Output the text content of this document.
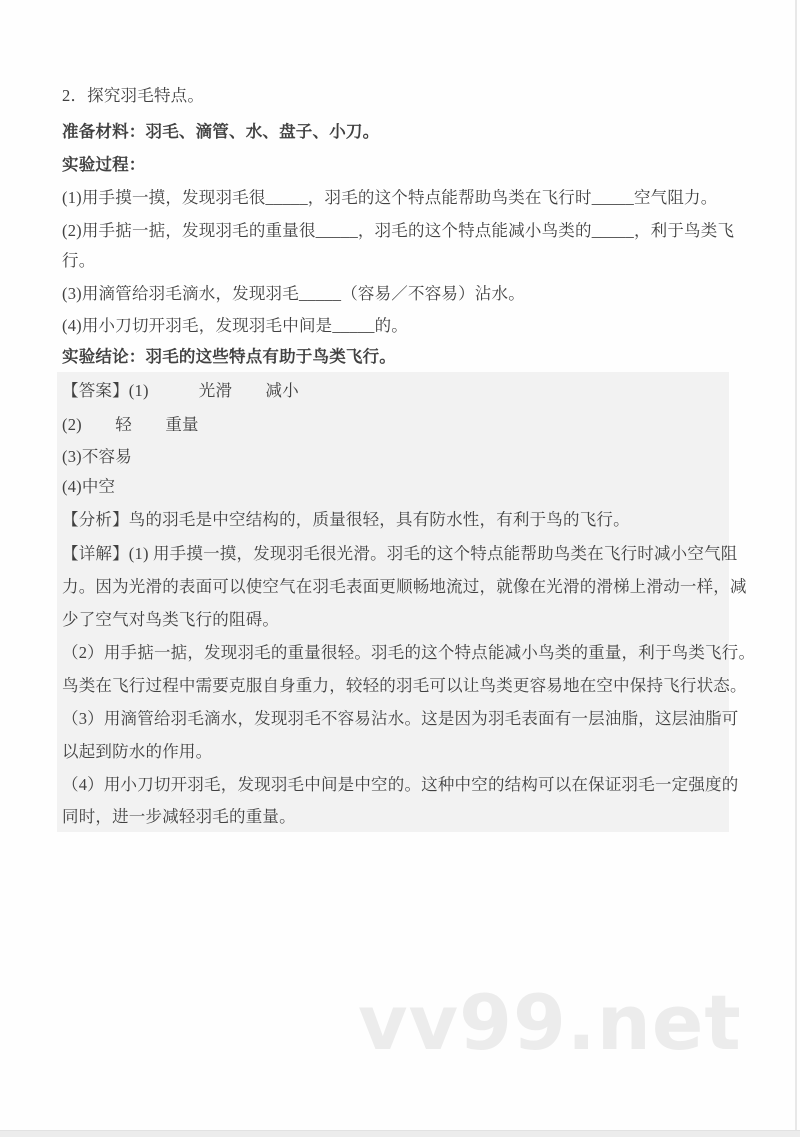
2．探究羽毛特点。
准备材料：羽毛、滴管、水、盘子、小刀。
实验过程：
(1)用手摸一摸，发现羽毛很_____，羽毛的这个特点能帮助鸟类在飞行时_____空气阻力。
(2)用手掂一掂，发现羽毛的重量很_____，羽毛的这个特点能减小鸟类的_____，利于鸟类飞
行。
(3)用滴管给羽毛滴水，发现羽毛_____（容易／不容易）沾水。
(4)用小刀切开羽毛，发现羽毛中间是_____的。
实验结论：羽毛的这些特点有助于鸟类飞行。
【答案】(1)　　　光滑　　减小
(2)　　轻　　重量
(3)不容易
(4)中空
【分析】鸟的羽毛是中空结构的，质量很轻，具有防水性，有利于鸟的飞行。
【详解】(1) 用手摸一摸，发现羽毛很光滑。羽毛的这个特点能帮助鸟类在飞行时减小空气阻
力。因为光滑的表面可以使空气在羽毛表面更顺畅地流过，就像在光滑的滑梯上滑动一样，减
少了空气对鸟类飞行的阻碍。
（2）用手掂一掂，发现羽毛的重量很轻。羽毛的这个特点能减小鸟类的重量，利于鸟类飞行。
鸟类在飞行过程中需要克服自身重力，较轻的羽毛可以让鸟类更容易地在空中保持飞行状态。
（3）用滴管给羽毛滴水，发现羽毛不容易沾水。这是因为羽毛表面有一层油脂，这层油脂可
以起到防水的作用。
（4）用小刀切开羽毛，发现羽毛中间是中空的。这种中空的结构可以在保证羽毛一定强度的
同时，进一步减轻羽毛的重量。
vv99.net
